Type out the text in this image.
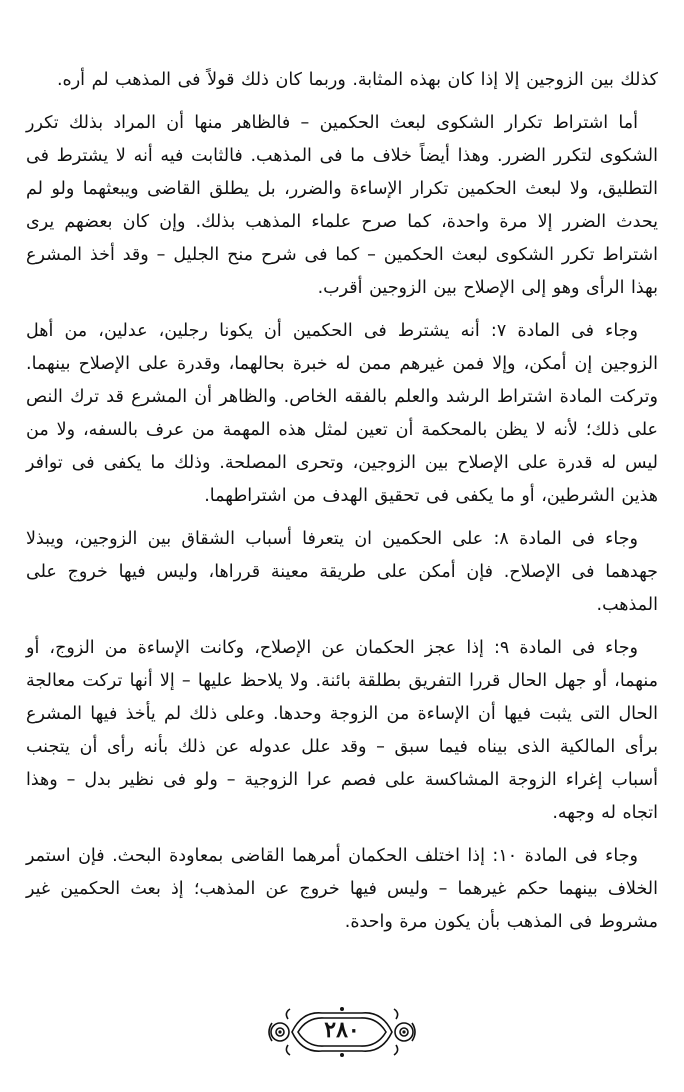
كذلك بين الزوجين إلا إذا كان بهذه المثابة. وربما كان ذلك قولاً فى المذهب لم أره.

أما اشتراط تكرار الشكوى لبعث الحكمين – فالظاهر منها أن المراد بذلك تكرر الشكوى لتكرر الضرر. وهذا أيضاً خلاف ما فى المذهب. فالثابت فيه أنه لا يشترط فى التطليق، ولا لبعث الحكمين تكرار الإساءة والضرر، بل يطلق القاضى ويبعثهما ولو لم يحدث الضرر إلا مرة واحدة، كما صرح علماء المذهب بذلك. وإن كان بعضهم يرى اشتراط تكرر الشكوى لبعث الحكمين – كما فى شرح منح الجليل – وقد أخذ المشرع بهذا الرأى وهو إلى الإصلاح بين الزوجين أقرب.

وجاء فى المادة ٧: أنه يشترط فى الحكمين أن يكونا رجلين، عدلين، من أهل الزوجين إن أمكن، وإلا فمن غيرهم ممن له خبرة بحالهما، وقدرة على الإصلاح بينهما. وتركت المادة اشتراط الرشد والعلم بالفقه الخاص. والظاهر أن المشرع قد ترك النص على ذلك؛ لأنه لا يظن بالمحكمة أن تعين لمثل هذه المهمة من عرف بالسفه، ولا من ليس له قدرة على الإصلاح بين الزوجين، وتحرى المصلحة. وذلك ما يكفى فى توافر هذين الشرطين، أو ما يكفى فى تحقيق الهدف من اشتراطهما.

وجاء فى المادة ٨: على الحكمين ان يتعرفا أسباب الشقاق بين الزوجين، ويبذلا جهدهما فى الإصلاح. فإن أمكن على طريقة معينة قرراها، وليس فيها خروج على المذهب.

وجاء فى المادة ٩: إذا عجز الحكمان عن الإصلاح، وكانت الإساءة من الزوج، أو منهما، أو جهل الحال قررا التفريق بطلقة بائنة. ولا يلاحظ عليها – إلا أنها تركت معالجة الحال التى يثبت فيها أن الإساءة من الزوجة وحدها. وعلى ذلك لم يأخذ فيها المشرع برأى المالكية الذى بيناه فيما سبق – وقد علل عدوله عن ذلك بأنه رأى أن يتجنب أسباب إغراء الزوجة المشاكسة على فصم عرا الزوجية – ولو فى نظير بدل – وهذا اتجاه له وجهه.

وجاء فى المادة ١٠: إذا اختلف الحكمان أمرهما القاضى بمعاودة البحث. فإن استمر الخلاف بينهما حكم غيرهما – وليس فيها خروج عن المذهب؛ إذ بعث الحكمين غير مشروط فى المذهب بأن يكون مرة واحدة.

٢٨٠
